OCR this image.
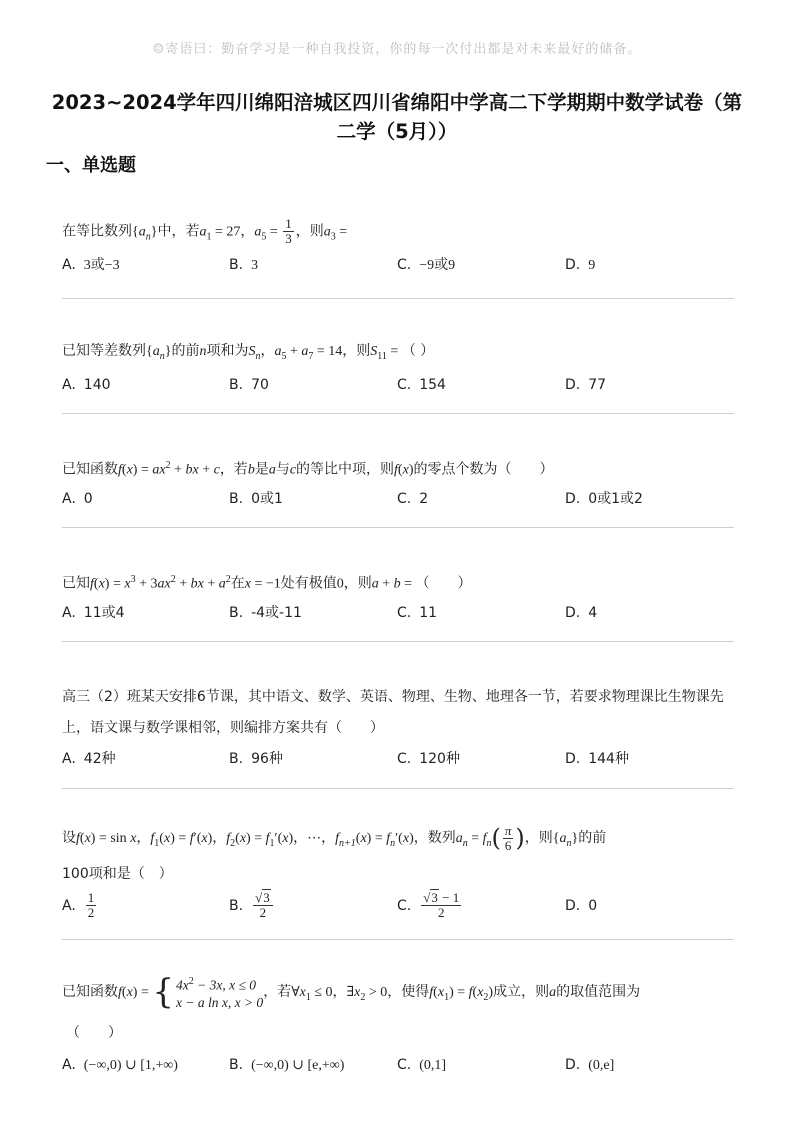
☺寄语曰：勤奋学习是一种自我投资，你的每一次付出都是对未来最好的储备。
2023~2024学年四川绵阳涪城区四川省绵阳中学高二下学期期中数学试卷（第
二学（5月））
一、单选题
在等比数列$\{a_n\}$中，若$a_1 = 27$，$a_5 = \frac{1}{3}$ ，则$a_3$ =
A. 3或−3	B. 3	C. −9或9	D. 9
已知等差数列$\{a_n\}$的前n项和为$S_n$，$a_5 + a_7 = 14$，则$S_{11}$ = （ ）
A. 140	B. 70	C. 154	D. 77
已知函数$f(x) = ax^2$ + bx + c，若b是a与c的等比中项，则f(x)的零点个数为（　　）
A. 0	B. 0或1	C. 2	D. 0或1或2
已知$f(x) = x^3 + 3ax^2$ + bx + $a^2$在x = −1处有极值0，则a + b = （　　）
A. 11或4	B. -4或-11	C. 11	D. 4
高三（2）班某天安排6节课，其中语文、数学、英语、物理、生物、地理各一节，若要求物理课比生物课先
上，语文课与数学课相邻，则编排方案共有（　　）
A. 42种	B. 96种	C. 120种	D. 144种
设f(x) = sin x，$f_1(x) = f'(x)$，$f_2(x) = f_1'(x)$，⋯，$f_{n+1}(x) = f_n'(x)$，数列$a_n = f_n( \frac{\pi}{6}$ )，则$\{a_n\}$的前
100项和是（　）
A. $\frac{1}{2}$	B. $\frac{√3}{2}$	C. $\frac{√3 - 1}{2}$	D. 0
已知函数f(x) = { $4x^2 - 3x$, x ≤ 0
x − a ln x, x > 0
，若$\forall x_1 \le 0$，$\exists x_2 > 0$，使得$f(x_1) = f(x_2)$成立，则a的取值范围为
（　　）
A. (−∞,0) ∪ [1,+∞)	B. (−∞,0) ∪ [e,+∞)	C. (0,1]	D. (0,e]
